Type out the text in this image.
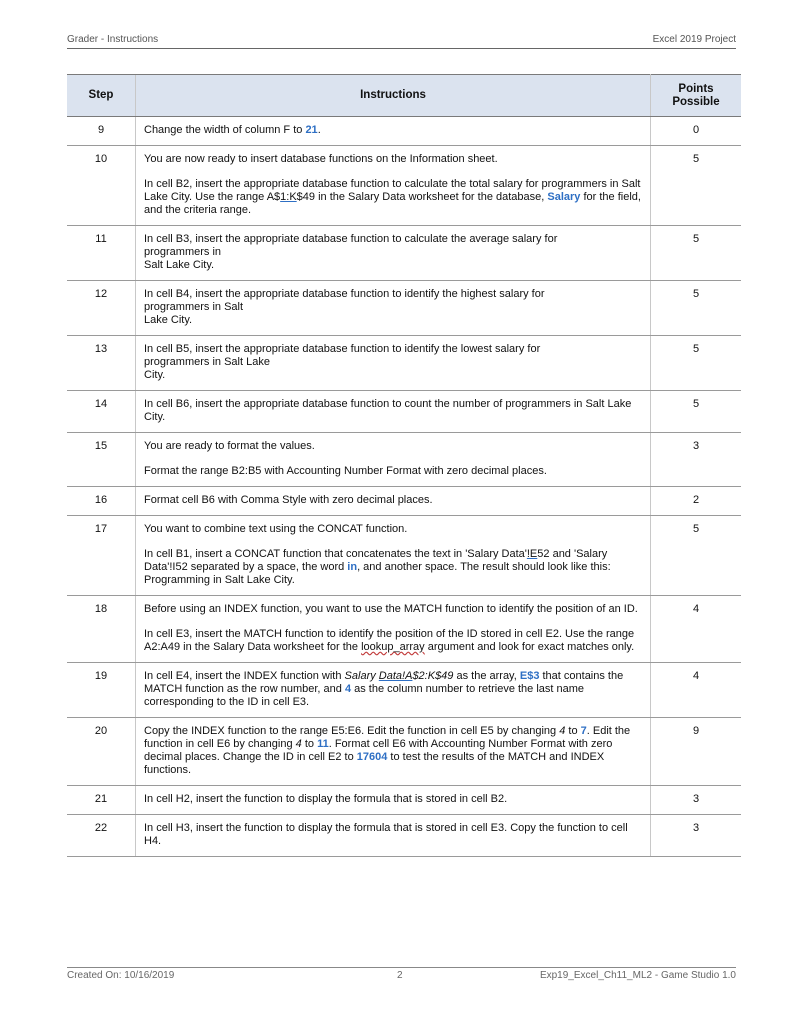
Grader - Instructions	Excel 2019 Project
Step	Instructions	Points
Possible
9	Change the width of column F to 21.	0
10	You are now ready to insert database functions on the Information sheet.

In cell B2, insert the appropriate database function to calculate the total salary for programmers in Salt Lake City. Use the range A$1:K$49 in the Salary Data worksheet for the database, Salary for the field, and the criteria range.	5
11	In cell B3, insert the appropriate database function to calculate the average salary for
programmers in
Salt Lake City.	5
12	In cell B4, insert the appropriate database function to identify the highest salary for
programmers in Salt
Lake City.	5
13	In cell B5, insert the appropriate database function to identify the lowest salary for
programmers in Salt Lake
City.	5
14	In cell B6, insert the appropriate database function to count the number of programmers in Salt Lake City.	5
15	You are ready to format the values.

Format the range B2:B5 with Accounting Number Format with zero decimal places.	3
16	Format cell B6 with Comma Style with zero decimal places.	2
17	You want to combine text using the CONCAT function.

In cell B1, insert a CONCAT function that concatenates the text in 'Salary Data'!E52 and 'Salary Data'!I52 separated by a space, the word in, and another space. The result should look like this: Programming in Salt Lake City.	5
18	Before using an INDEX function, you want to use the MATCH function to identify the position of an ID.

In cell E3, insert the MATCH function to identify the position of the ID stored in cell E2. Use the range A2:A49 in the Salary Data worksheet for the lookup_array argument and look for exact matches only.	4
19	In cell E4, insert the INDEX function with Salary Data!A$2:K$49 as the array, E$3 that contains the MATCH function as the row number, and 4 as the column number to retrieve the last name corresponding to the ID in cell E3.	4
20	Copy the INDEX function to the range E5:E6. Edit the function in cell E5 by changing 4 to 7. Edit the function in cell E6 by changing 4 to 11. Format cell E6 with Accounting Number Format with zero decimal places. Change the ID in cell E2 to 17604 to test the results of the MATCH and INDEX functions.	9
21	In cell H2, insert the function to display the formula that is stored in cell B2.	3
22	In cell H3, insert the function to display the formula that is stored in cell E3. Copy the function to cell H4.	3
Created On: 10/16/2019	2	Exp19_Excel_Ch11_ML2 - Game Studio 1.0
